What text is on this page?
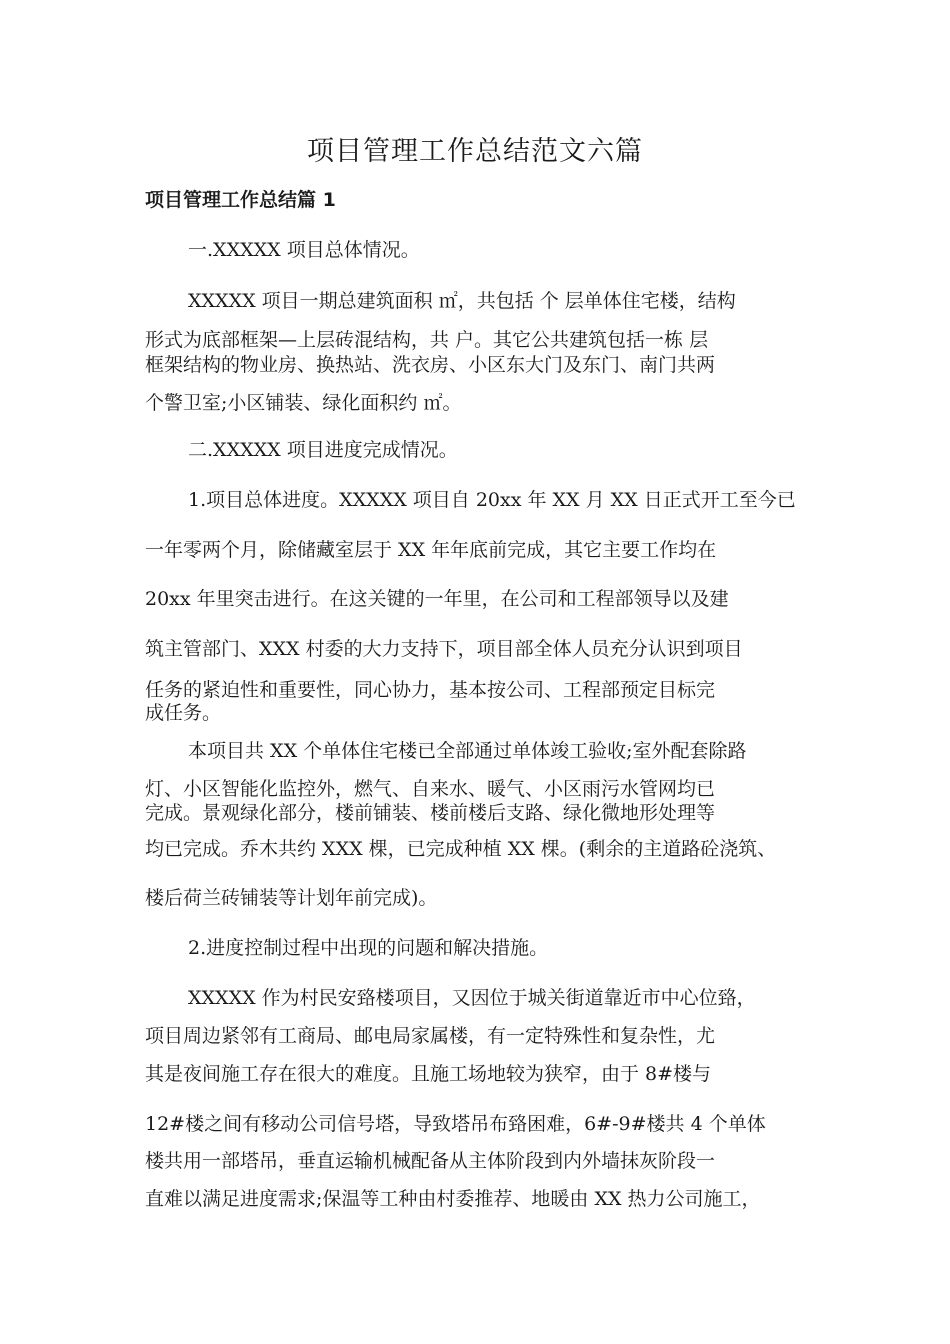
项目管理工作总结范文六篇
项目管理工作总结篇 1
一.XXXXX 项目总体情况。
XXXXX 项目一期总建筑面积 ㎡，共包括 个 层单体住宅楼，结构
形式为底部框架—上层砖混结构，共 户。其它公共建筑包括一栋 层
框架结构的物业房、换热站、洗衣房、小区东大门及东门、南门共两
个警卫室;小区铺装、绿化面积约 ㎡。
二.XXXXX 项目进度完成情况。
1.项目总体进度。XXXXX 项目自 20xx 年 XX 月 XX 日正式开工至今已
一年零两个月，除储藏室层于 XX 年年底前完成，其它主要工作均在
20xx 年里突击进行。在这关键的一年里，在公司和工程部领导以及建
筑主管部门、XXX 村委的大力支持下，项目部全体人员充分认识到项目
任务的紧迫性和重要性，同心协力，基本按公司、工程部预定目标完
成任务。
本项目共 XX 个单体住宅楼已全部通过单体竣工验收;室外配套除路
灯、小区智能化监控外，燃气、自来水、暖气、小区雨污水管网均已
完成。景观绿化部分，楼前铺装、楼前楼后支路、绿化微地形处理等
均已完成。乔木共约 XXX 棵，已完成种植 XX 棵。(剩余的主道路砼浇筑、
楼后荷兰砖铺装等计划年前完成)。
2.进度控制过程中出现的问题和解决措施。
XXXXX 作为村民安臵楼项目，又因位于城关街道靠近市中心位臵，
项目周边紧邻有工商局、邮电局家属楼，有一定特殊性和复杂性，尤
其是夜间施工存在很大的难度。且施工场地较为狭窄，由于 8#楼与
12#楼之间有移动公司信号塔，导致塔吊布臵困难，6#-9#楼共 4 个单体
楼共用一部塔吊，垂直运输机械配备从主体阶段到内外墙抹灰阶段一
直难以满足进度需求;保温等工种由村委推荐、地暖由 XX 热力公司施工，
